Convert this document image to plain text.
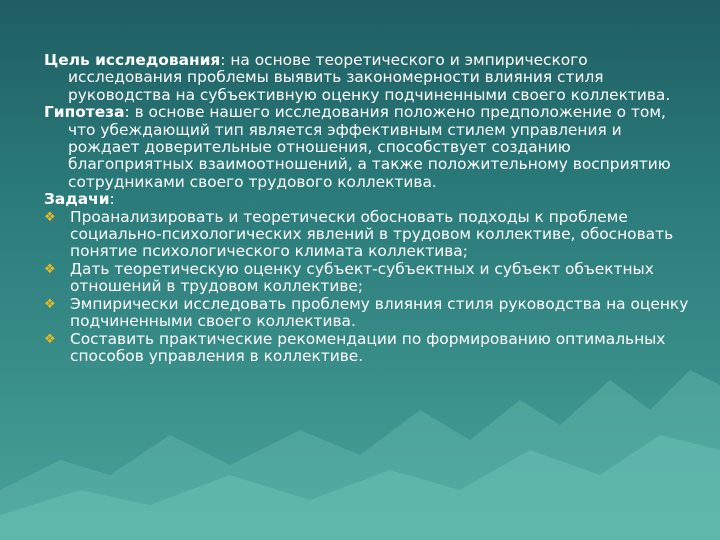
Цель исследования: на основе теоретического и эмпирического исследования проблемы выявить закономерности влияния стиля руководства на субъективную оценку подчиненными своего коллектива.

Гипотеза: в основе нашего исследования положено предположение о том, что убеждающий тип является эффективным стилем управления и рождает доверительные отношения, способствует созданию благоприятных взаимоотношений, а также положительному восприятию сотрудниками своего трудового коллектива.

Задачи:

❖ Проанализировать и теоретически обосновать подходы к проблеме социально-психологических явлений в трудовом коллективе, обосновать понятие психологического климата коллектива;

❖ Дать теоретическую оценку субъект-субъектных и субъект объектных отношений в трудовом коллективе;

❖ Эмпирически исследовать проблему влияния стиля руководства на оценку подчиненными своего коллектива.

❖ Составить практические рекомендации по формированию оптимальных способов управления в коллективе.
